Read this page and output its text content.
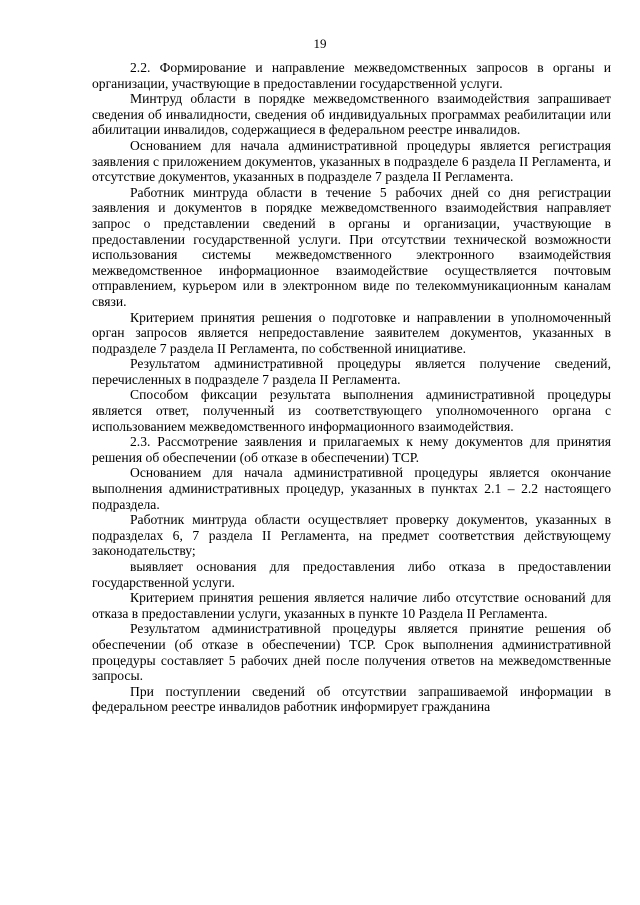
19

2.2. Формирование и направление межведомственных запросов в органы и организации, участвующие в предоставлении государственной услуги.

Минтруд области в порядке межведомственного взаимодействия запрашивает сведения об инвалидности, сведения об индивидуальных программах реабилитации или абилитации инвалидов, содержащиеся в федеральном реестре инвалидов.

Основанием для начала административной процедуры является регистрация заявления с приложением документов, указанных в подразделе 6 раздела II Регламента, и отсутствие документов, указанных в подразделе 7 раздела II Регламента.

Работник минтруда области в течение 5 рабочих дней со дня регистрации заявления и документов в порядке межведомственного взаимодействия направляет запрос о представлении сведений в органы и организации, участвующие в предоставлении государственной услуги. При отсутствии технической возможности использования системы межведомственного электронного взаимодействия межведомственное информационное взаимодействие осуществляется почтовым отправлением, курьером или в электронном виде по телекоммуникационным каналам связи.

Критерием принятия решения о подготовке и направлении в уполномоченный орган запросов является непредоставление заявителем документов, указанных в подразделе 7 раздела II Регламента, по собственной инициативе.

Результатом административной процедуры является получение сведений, перечисленных в подразделе 7 раздела II Регламента.

Способом фиксации результата выполнения административной процедуры является ответ, полученный из соответствующего уполномоченного органа с использованием межведомственного информационного взаимодействия.

2.3. Рассмотрение заявления и прилагаемых к нему документов для принятия решения об обеспечении (об отказе в обеспечении) ТСР.

Основанием для начала административной процедуры является окончание выполнения административных процедур, указанных в пунктах 2.1 – 2.2 настоящего подраздела.

Работник минтруда области осуществляет проверку документов, указанных в подразделах 6, 7 раздела II Регламента, на предмет соответствия действующему законодательству;

выявляет основания для предоставления либо отказа в предоставлении государственной услуги.

Критерием принятия решения является наличие либо отсутствие оснований для отказа в предоставлении услуги, указанных в пункте 10 Раздела II Регламента.

Результатом административной процедуры является принятие решения об обеспечении (об отказе в обеспечении) ТСР. Срок выполнения административной процедуры составляет 5 рабочих дней после получения ответов на межведомственные запросы.

При поступлении сведений об отсутствии запрашиваемой информации в федеральном реестре инвалидов работник информирует гражданина
